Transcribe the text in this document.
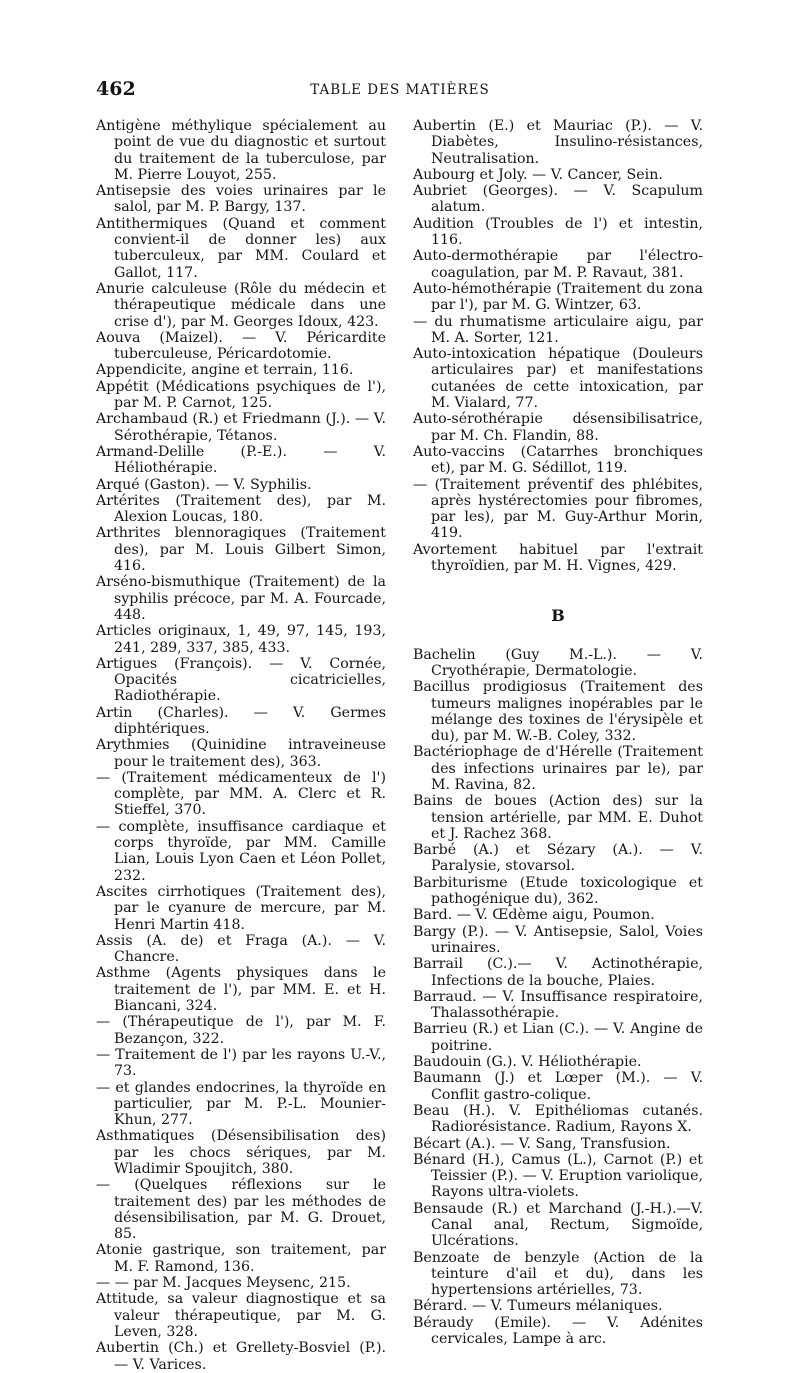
462	TABLE DES MATIÈRES
Antigène méthylique spécialement au point de vue du diagnostic et surtout du traitement de la tuberculose, par M. Pierre Louyot, 255.
Antisepsie des voies urinaires par le salol, par M. P. Bargy, 137.
Antithermiques (Quand et comment convient-il de donner les) aux tuberculeux, par MM. Coulard et Gallot, 117.
Anurie calculeuse (Rôle du médecin et thérapeutique médicale dans une crise d'), par M. Georges Idoux, 423.
Aouva (Maizel). — V. Péricardite tuberculeuse, Péricardotomie.
Appendicite, angine et terrain, 116.
Appétit (Médications psychiques de l'), par M. P. Carnot, 125.
Archambaud (R.) et Friedmann (J.). — V. Sérothérapie, Tétanos.
Armand-Delille (P.-E.). — V. Héliothérapie.
Arqué (Gaston). — V. Syphilis.
Artérites (Traitement des), par M. Alexion Loucas, 180.
Arthrites blennoragiques (Traitement des), par M. Louis Gilbert Simon, 416.
Arséno-bismuthique (Traitement) de la syphilis précoce, par M. A. Fourcade, 448.
Articles originaux, 1, 49, 97, 145, 193, 241, 289, 337, 385, 433.
Artigues (François). — V. Cornée, Opacités cicatricielles, Radiothérapie.
Artin (Charles). — V. Germes diphtériques.
Arythmies (Quinidine intraveineuse pour le traitement des), 363.
— (Traitement médicamenteux de l') complète, par MM. A. Clerc et R. Stieffel, 370.
— complète, insuffisance cardiaque et corps thyroïde, par MM. Camille Lian, Louis Lyon Caen et Léon Pollet, 232.
Ascites cirrhotiques (Traitement des), par le cyanure de mercure, par M. Henri Martin 418.
Assis (A. de) et Fraga (A.). — V. Chancre.
Asthme (Agents physiques dans le traitement de l'), par MM. E. et H. Biancani, 324.
— (Thérapeutique de l'), par M. F. Bezançon, 322.
— Traitement de l') par les rayons U.-V., 73.
— et glandes endocrines, la thyroïde en particulier, par M. P.-L. Mounier-Khun, 277.
Asthmatiques (Désensibilisation des) par les chocs sériques, par M. Wladimir Spoujitch, 380.
— (Quelques réflexions sur le traitement des) par les méthodes de désensibilisation, par M. G. Drouet, 85.
Atonie gastrique, son traitement, par M. F. Ramond, 136.
— — par M. Jacques Meysenc, 215.
Attitude, sa valeur diagnostique et sa valeur thérapeutique, par M. G. Leven, 328.
Aubertin (Ch.) et Grellety-Bosviel (P.). — V. Varices.
Aubertin (E.) et Mauriac (P.). — V. Diabètes, Insulino-résistances, Neutralisation.
Aubourg et Joly. — V. Cancer, Sein.
Aubriet (Georges). — V. Scapulum alatum.
Audition (Troubles de l') et intestin, 116.
Auto-dermothérapie par l'électro-coagulation, par M. P. Ravaut, 381.
Auto-hémothérapie (Traitement du zona par l'), par M. G. Wintzer, 63.
— du rhumatisme articulaire aigu, par M. A. Sorter, 121.
Auto-intoxication hépatique (Douleurs articulaires par) et manifestations cutanées de cette intoxication, par M. Vialard, 77.
Auto-sérothérapie désensibilisatrice, par M. Ch. Flandin, 88.
Auto-vaccins (Catarrhes bronchiques et), par M. G. Sédillot, 119.
— (Traitement préventif des phlébites, après hystérectomies pour fibromes, par les), par M. Guy-Arthur Morin, 419.
Avortement habituel par l'extrait thyroïdien, par M. H. Vignes, 429.
B
Bachelin (Guy M.-L.). — V. Cryothérapie, Dermatologie.
Bacillus prodigiosus (Traitement des tumeurs malignes inopérables par le mélange des toxines de l'érysipèle et du), par M. W.-B. Coley, 332.
Bactériophage de d'Hérelle (Traitement des infections urinaires par le), par M. Ravina, 82.
Bains de boues (Action des) sur la tension artérielle, par MM. E. Duhot et J. Rachez 368.
Barbé (A.) et Sézary (A.). — V. Paralysie, stovarsol.
Barbiturisme (Etude toxicologique et pathogénique du), 362.
Bard. — V. Œdème aigu, Poumon.
Bargy (P.). — V. Antisepsie, Salol, Voies urinaires.
Barrail (C.).— V. Actinothérapie, Infections de la bouche, Plaies.
Barraud. — V. Insuffisance respiratoire, Thalassothérapie.
Barrieu (R.) et Lian (C.). — V. Angine de poitrine.
Baudouin (G.). V. Héliothérapie.
Baumann (J.) et Lœper (M.). — V. Conflit gastro-colique.
Beau (H.). V. Epithéliomas cutanés. Radiorésistance. Radium, Rayons X.
Bécart (A.). — V. Sang, Transfusion.
Bénard (H.), Camus (L.), Carnot (P.) et Teissier (P.). — V. Eruption variolique, Rayons ultra-violets.
Bensaude (R.) et Marchand (J.-H.).—V. Canal anal, Rectum, Sigmoïde, Ulcérations.
Benzoate de benzyle (Action de la teinture d'ail et du), dans les hypertensions artérielles, 73.
Bérard. — V. Tumeurs mélaniques.
Béraudy (Emile). — V. Adénites cervicales, Lampe à arc.
